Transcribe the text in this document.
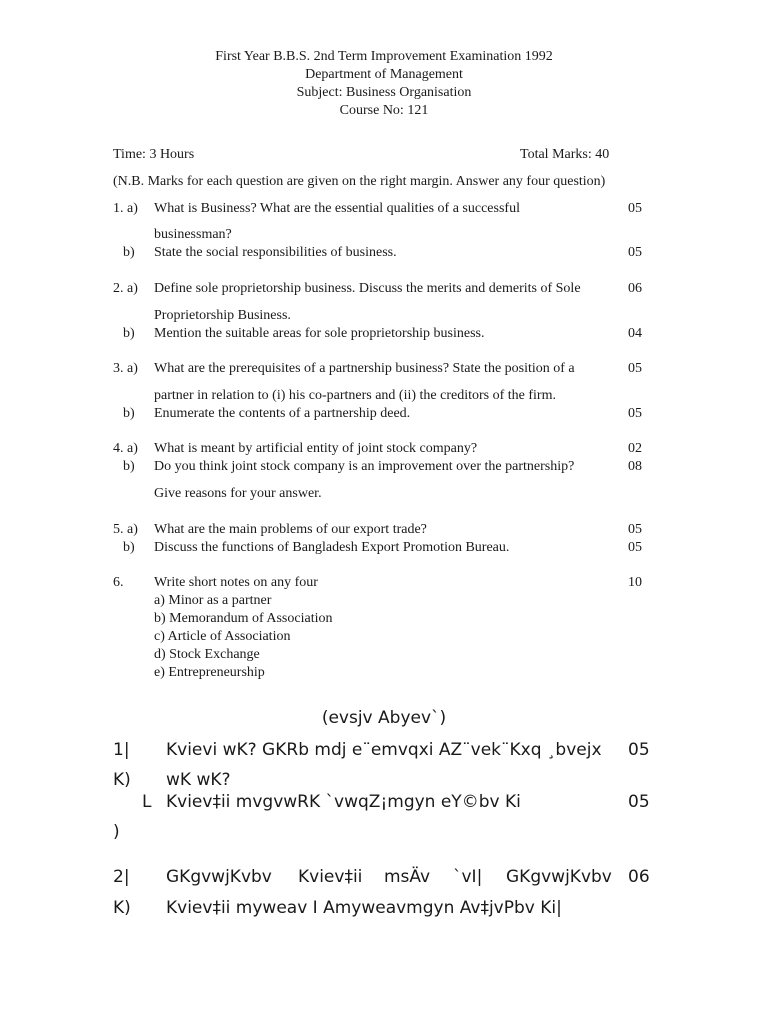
First Year B.B.S. 2nd Term Improvement Examination 1992
Department of Management
Subject: Business Organisation
Course No: 121
Time: 3 Hours	Total Marks: 40
(N.B. Marks for each question are given on the right margin. Answer any four question)
1. a) What is Business? What are the essential qualities of a successful	05
businessman?
b) State the social responsibilities of business.	05
2. a) Define sole proprietorship business. Discuss the merits and demerits of Sole	06
Proprietorship Business.
b) Mention the suitable areas for sole proprietorship business.	04
3. a) What are the prerequisites of a partnership business? State the position of a	05
partner in relation to (i) his co-partners and (ii) the creditors of the firm.
b) Enumerate the contents of a partnership deed.	05
4. a) What is meant by artificial entity of joint stock company?	02
b) Do you think joint stock company is an improvement over the partnership?	08
Give reasons for your answer.
5. a) What are the main problems of our export trade?	05
b) Discuss the functions of Bangladesh Export Promotion Bureau.	05
6. Write short notes on any four	10
a) Minor as a partner
b) Memorandum of Association
c) Article of Association
d) Stock Exchange
e) Entrepreneurship
(evsjv Abyev`)
1| Kvievi wK? GKRb mdj e¨emvqxi AZ¨vek¨Kxq ¸bvejx 05
K) wK wK?
L Kviev‡ii mvgvwRK `vwqZ¡mgyn eY©bv Ki	05
)
2| GKgvwjKvbv Kviev‡ii msÄv `vI| GKgvwjKvbv 06
K) Kviev‡ii myweav I Amyweavmgyn Av‡jvPbv Ki|
